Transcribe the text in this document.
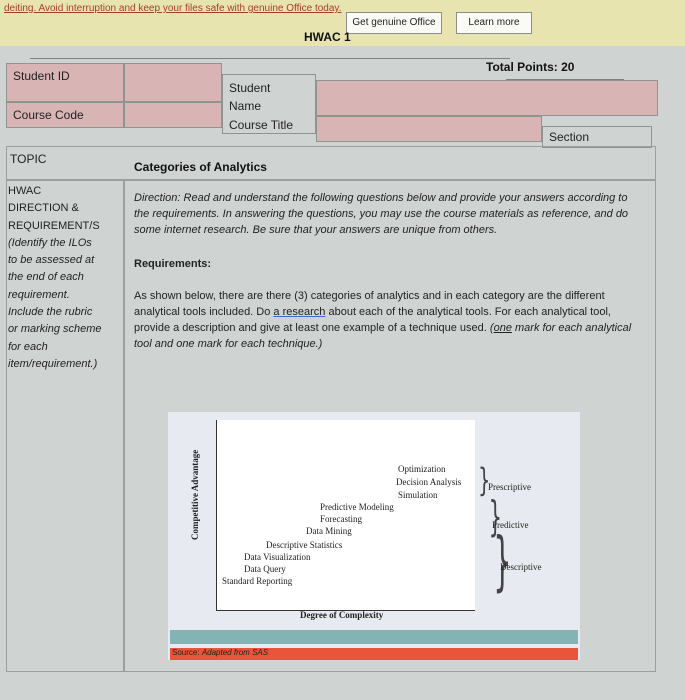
deiting. Avoid interruption and keep your files safe with genuine Office today.
Get genuine Office	Learn more
HWAC 1
Total Points: 20
Student ID
Course Code
Student
Name
Course Title
Section
TOPIC
Categories of Analytics
HWAC
DIRECTION &
REQUIREMENT/S
(Identify the ILOs
to be assessed at
the end of each
requirement.
Include the rubric
or marking scheme
for each
item/requirement.)
Direction: Read and understand the following questions below and provide your answers according to the requirements. In answering the questions, you may use the course materials as reference, and do some internet research. Be sure that your answers are unique from others.
Requirements:
As shown below, there are there (3) categories of analytics and in each category are the different analytical tools included. Do a research about each of the analytical tools. For each analytical tool, provide a description and give at least one example of a technique used. (one mark for each analytical tool and one mark for each technique.)
Competitive Advantage
Degree of Complexity
Optimization
Decision Analysis
Simulation
Predictive Modeling
Forecasting
Data Mining
Descriptive Statistics
Data Visualization
Data Query
Standard Reporting
}
Prescriptive
}
Predictive
}
Descriptive
Source: Adapted from SAS
